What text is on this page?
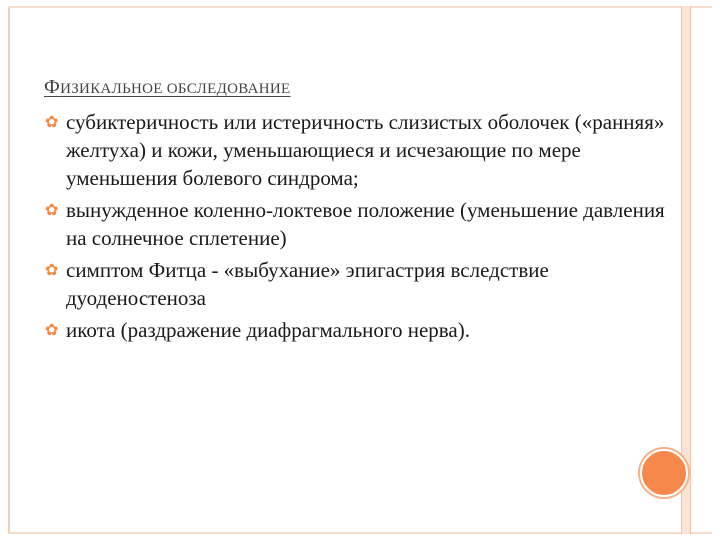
ФИЗИКАЛЬНОЕ ОБСЛЕДОВАНИЕ
✿ субиктеричность или истеричность слизистых оболочек («ранняя» желтуха) и кожи, уменьшающиеся и исчезающие по мере уменьшения болевого синдрома;
✿ вынужденное коленно-локтевое положение (уменьшение давления на солнечное сплетение)
✿ симптом Фитца - «выбухание» эпигастрия вследствие дуоденостеноза
✿ икота (раздражение диафрагмального нерва).
